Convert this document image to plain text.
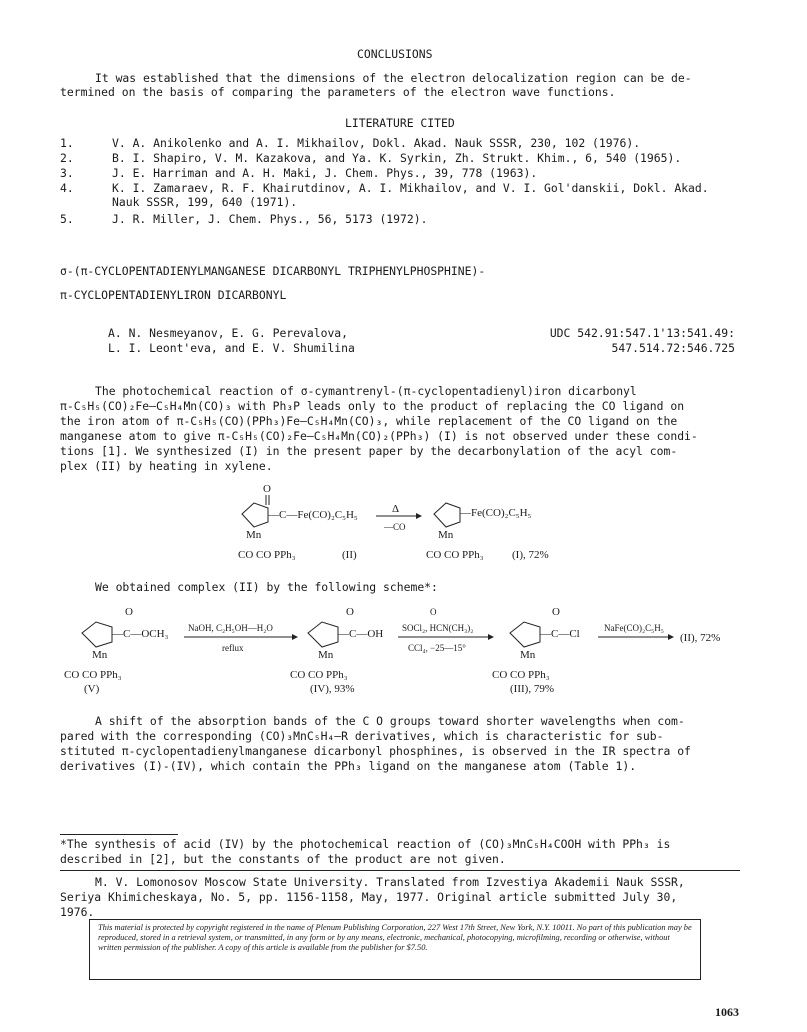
CONCLUSIONS
It was established that the dimensions of the electron delocalization region can be de-
termined on the basis of comparing the parameters of the electron wave functions.
LITERATURE CITED
1.	V. A. Anikolenko and A. I. Mikhailov, Dokl. Akad. Nauk SSSR, 230, 102 (1976).
2.	B. I. Shapiro, V. M. Kazakova, and Ya. K. Syrkin, Zh. Strukt. Khim., 6, 540 (1965).
3.	J. E. Harriman and A. H. Maki, J. Chem. Phys., 39, 778 (1963).
4.	K. I. Zamaraev, R. F. Khairutdinov, A. I. Mikhailov, and V. I. Gol'danskii, Dokl. Akad.
Nauk SSSR, 199, 640 (1971).
5.	J. R. Miller, J. Chem. Phys., 56, 5173 (1972).
σ-(π-CYCLOPENTADIENYLMANGANESE DICARBONYL TRIPHENYLPHOSPHINE)-
π-CYCLOPENTADIENYLIRON DICARBONYL
A. N. Nesmeyanov, E. G. Perevalova,
L. I. Leont'eva, and E. V. Shumilina
UDC 542.91:547.1'13:541.49:
547.514.72:546.725
The photochemical reaction of σ-cymantrenyl-(π-cyclopentadienyl)iron dicarbonyl
π-C₅H₅(CO)₂Fe—C₅H₄Mn(CO)₃ with Ph₃P leads only to the product of replacing the CO ligand on
the iron atom of π-C₅H₅(CO)(PPh₃)Fe—C₅H₄Mn(CO)₃, while replacement of the CO ligand on the
manganese atom to give π-C₅H₅(CO)₂Fe—C₅H₄Mn(CO)₂(PPh₃) (I) is not observed under these condi-
tions [1]. We synthesized (I) in the present paper by the decarbonylation of the acyl com-
plex (II) by heating in xylene.
O
—C—Fe(CO)₂C₅H₅
Mn
CO CO PPh₃	(II)
Δ
—CO
—Fe(CO)₂C₅H₅
Mn
CO CO PPh₃	(I), 72%
We obtained complex (II) by the following scheme*:
O
—C—OCH₃
Mn
CO CO PPh₃
(V)
NaOH, C₂H₅OH—H₂O
reflux
O
—C—OH
Mn
CO CO PPh₃
(IV), 93%
O
SOCl₂, HCN(CH₃)₂
CCl₄, −25—15°
O
—C—Cl
Mn
CO CO PPh₃
(III), 79%
NaFe(CO)₂C₅H₅
(II), 72%
A shift of the absorption bands of the C O groups toward shorter wavelengths when com-
pared with the corresponding (CO)₃MnC₅H₄—R derivatives, which is characteristic for sub-
stituted π-cyclopentadienylmanganese dicarbonyl phosphines, is observed in the IR spectra of
derivatives (I)-(IV), which contain the PPh₃ ligand on the manganese atom (Table 1).
*The synthesis of acid (IV) by the photochemical reaction of (CO)₃MnC₅H₄COOH with PPh₃ is
described in [2], but the constants of the product are not given.
M. V. Lomonosov Moscow State University. Translated from Izvestiya Akademii Nauk SSSR,
Seriya Khimicheskaya, No. 5, pp. 1156-1158, May, 1977. Original article submitted July 30,
1976.
This material is protected by copyright registered in the name of Plenum Publishing Corporation, 227 West 17th Street, New York, N.Y. 10011. No part of this publication may be reproduced, stored in a retrieval system, or transmitted, in any form or by any means, electronic, mechanical, photocopying, microfilming, recording or otherwise, without written permission of the publisher. A copy of this article is available from the publisher for $7.50.
1063
